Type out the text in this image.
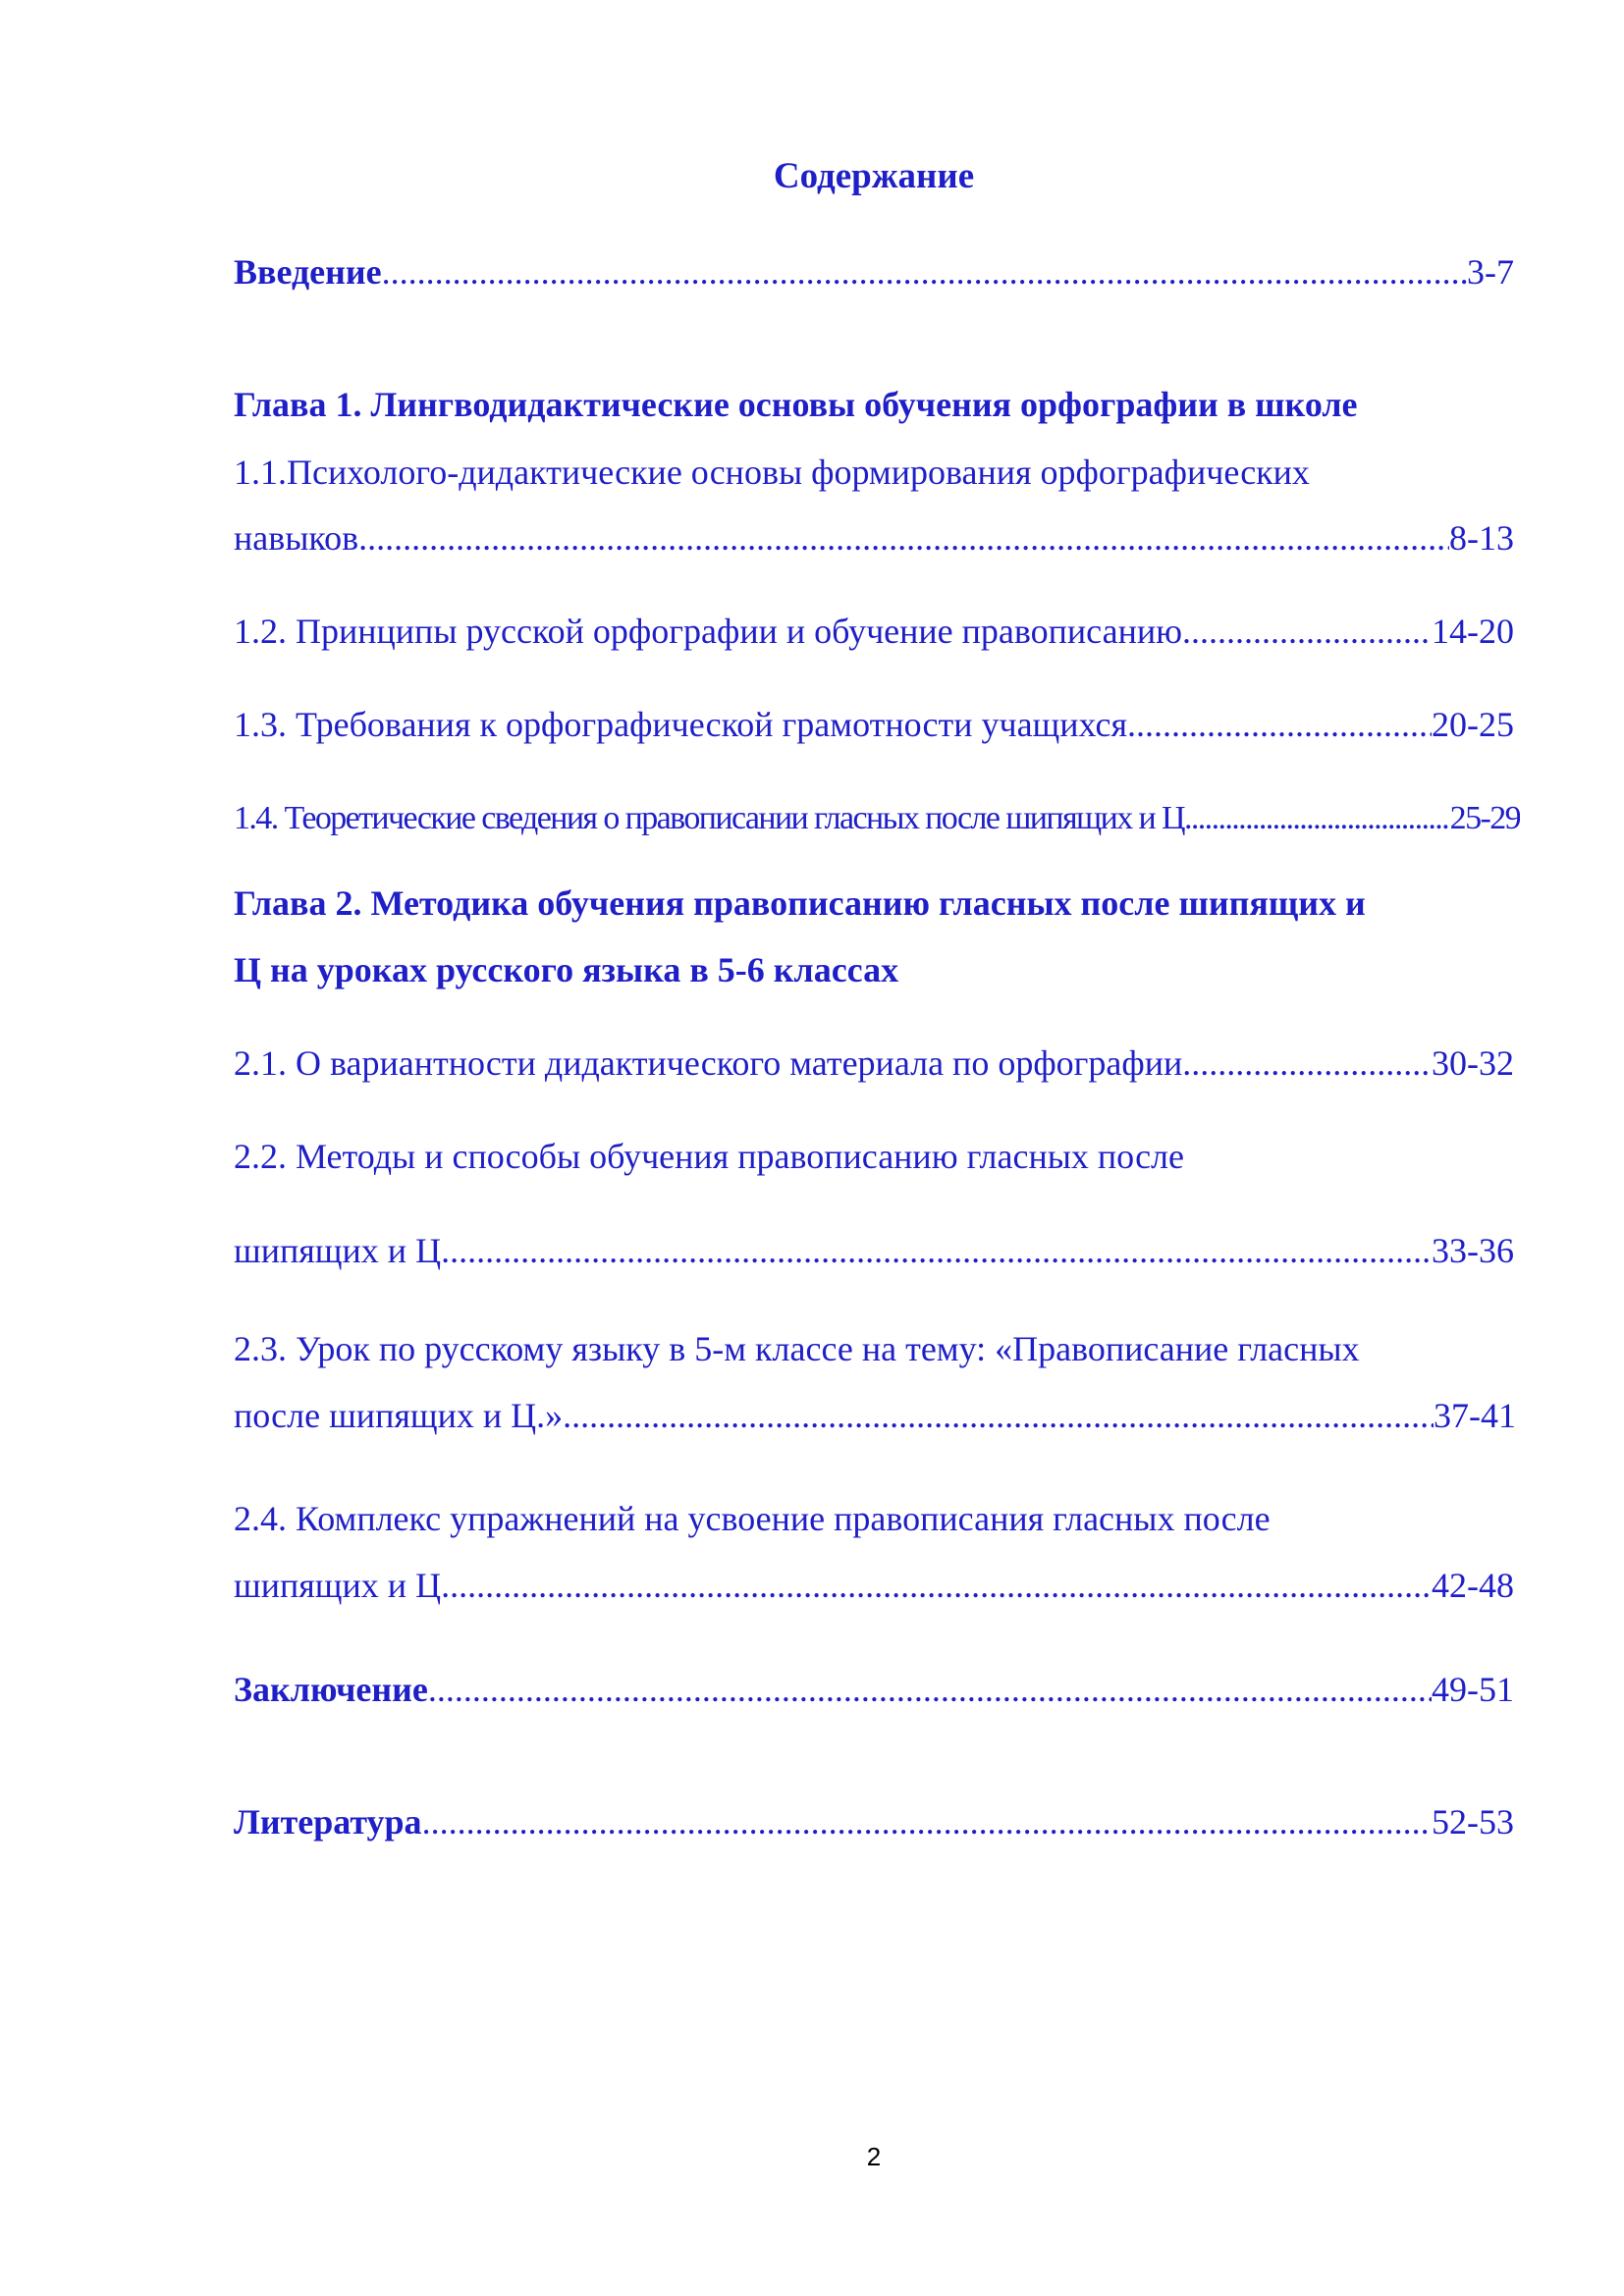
Содержание
Введение .....	3-7
Глава 1. Лингводидактические основы обучения орфографии в школе
1.1.Психолого-дидактические основы формирования орфографических
навыков .....	8-13
1.2. Принципы русской орфографии и обучение правописанию .....	14-20
1.3. Требования к орфографической грамотности учащихся .....	20-25
1.4. Теоретические сведения о правописании гласных после шипящих и Ц .....	25-29
Глава 2. Методика обучения правописанию гласных после шипящих и
Ц на уроках русского языка в 5-6 классах
2.1. О вариантности дидактического материала по орфографии .....	30-32
2.2. Методы и способы обучения правописанию гласных после
шипящих и Ц .....	33-36
2.3. Урок по русскому языку в 5-м классе на тему: «Правописание гласных
после шипящих и Ц.» .....	37-41
2.4. Комплекс упражнений на усвоение правописания гласных после
шипящих и Ц .....	42-48
Заключение .....	49-51
Литература .....	52-53
2
